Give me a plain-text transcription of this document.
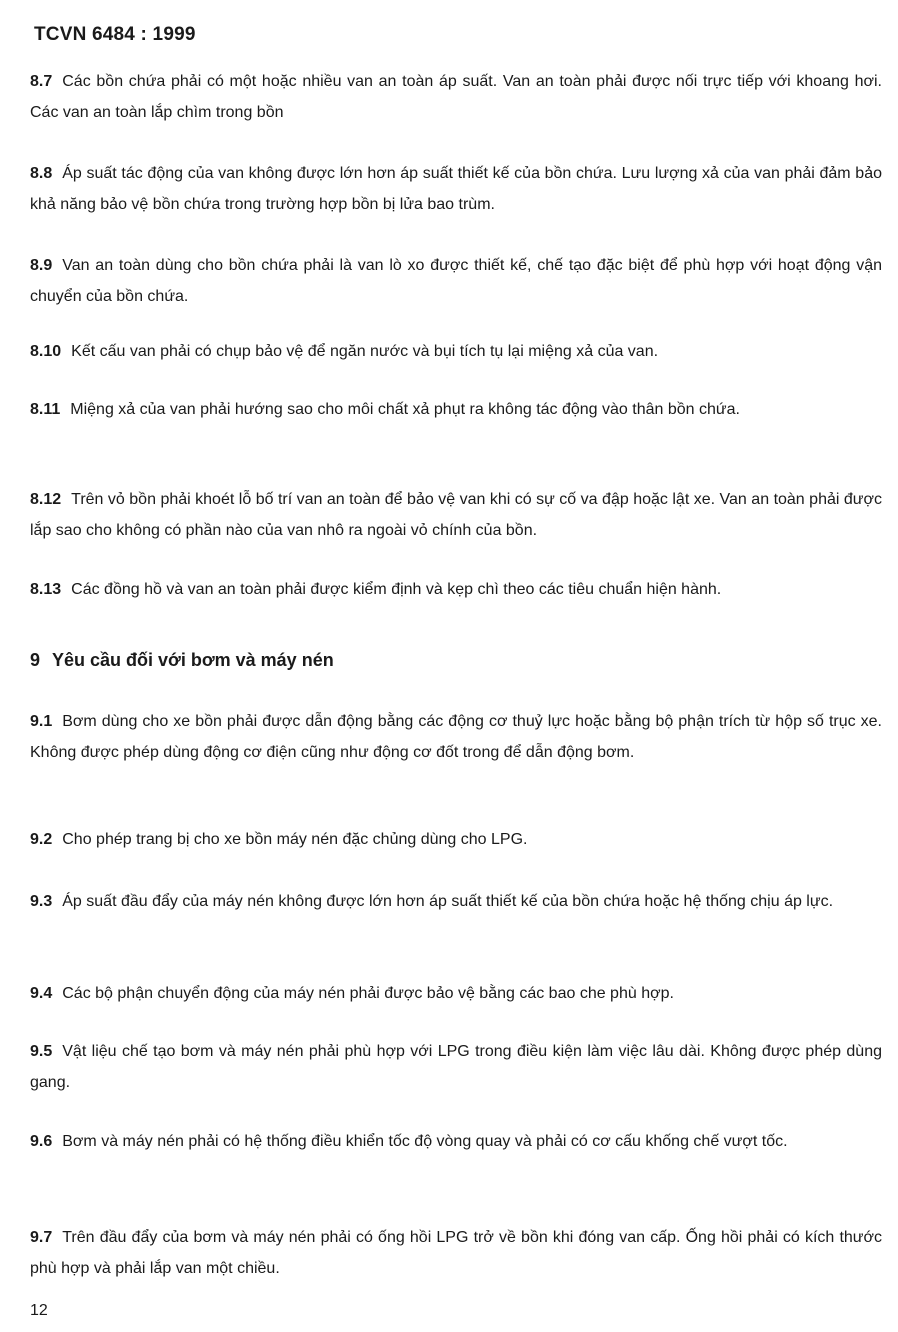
TCVN 6484 : 1999
8.7 Các bồn chứa phải có một hoặc nhiều van an toàn áp suất. Van an toàn phải được nối trực tiếp với khoang hơi. Các van an toàn lắp chìm trong bồn
8.8 Áp suất tác động của van không được lớn hơn áp suất thiết kế của bồn chứa. Lưu lượng xả của van phải đảm bảo khả năng bảo vệ bồn chứa trong trường hợp bồn bị lửa bao trùm.
8.9 Van an toàn dùng cho bồn chứa phải là van lò xo được thiết kế, chế tạo đặc biệt để phù hợp với hoạt động vận chuyển của bồn chứa.
8.10 Kết cấu van phải có chụp bảo vệ để ngăn nước và bụi tích tụ lại miệng xả của van.
8.11 Miệng xả của van phải hướng sao cho môi chất xả phụt ra không tác động vào thân bồn chứa.
8.12 Trên vỏ bồn phải khoét lỗ bố trí van an toàn để bảo vệ van khi có sự cố va đập hoặc lật xe. Van an toàn phải được lắp sao cho không có phần nào của van nhô ra ngoài vỏ chính của bồn.
8.13 Các đồng hồ và van an toàn phải được kiểm định và kẹp chì theo các tiêu chuẩn hiện hành.
9 Yêu cầu đối với bơm và máy nén
9.1 Bơm dùng cho xe bồn phải được dẫn động bằng các động cơ thuỷ lực hoặc bằng bộ phận trích từ hộp số trục xe. Không được phép dùng động cơ điện cũng như động cơ đốt trong để dẫn động bơm.
9.2 Cho phép trang bị cho xe bồn máy nén đặc chủng dùng cho LPG.
9.3 Áp suất đầu đẩy của máy nén không được lớn hơn áp suất thiết kế của bồn chứa hoặc hệ thống chịu áp lực.
9.4 Các bộ phận chuyển động của máy nén phải được bảo vệ bằng các bao che phù hợp.
9.5 Vật liệu chế tạo bơm và máy nén phải phù hợp với LPG trong điều kiện làm việc lâu dài. Không được phép dùng gang.
9.6 Bơm và máy nén phải có hệ thống điều khiển tốc độ vòng quay và phải có cơ cấu khống chế vượt tốc.
9.7 Trên đầu đẩy của bơm và máy nén phải có ống hồi LPG trở về bồn khi đóng van cấp. Ống hồi phải có kích thước phù hợp và phải lắp van một chiều.
12
